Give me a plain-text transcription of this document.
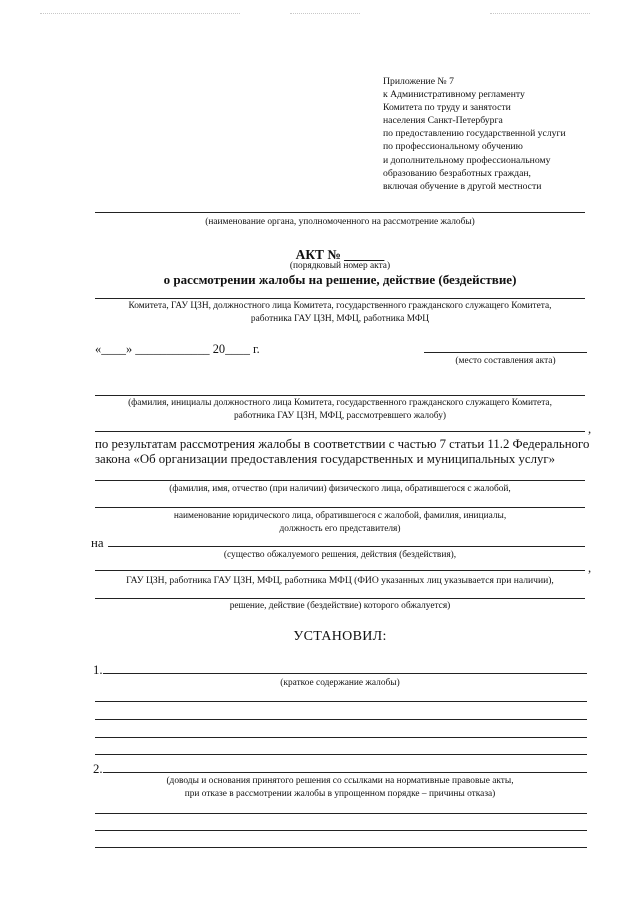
Приложение № 7
к Административному регламенту
Комитета по труду и занятости
населения Санкт-Петербурга
по предоставлению государственной услуги
по профессиональному обучению
и дополнительному профессиональному
образованию безработных граждан,
включая обучение в другой местности
(наименование органа, уполномоченного на рассмотрение жалобы)
АКТ № ______
(порядковый номер акта)
о рассмотрении жалобы на решение, действие (бездействие)
Комитета, ГАУ ЦЗН, должностного лица Комитета, государственного гражданского служащего Комитета,
работника ГАУ ЦЗН, МФЦ, работника МФЦ
«____» ____________ 20____ г.
(место составления акта)
(фамилия, инициалы должностного лица Комитета, государственного гражданского служащего Комитета,
работника ГАУ ЦЗН, МФЦ, рассмотревшего жалобу)
,
по результатам рассмотрения жалобы в соответствии с частью 7 статьи 11.2 Федерального
закона «Об организации предоставления государственных и муниципальных услуг»
(фамилия, имя, отчество (при наличии) физического лица, обратившегося с жалобой,
наименование юридического лица, обратившегося с жалобой, фамилия, инициалы,
должность его представителя)
на
(существо обжалуемого решения, действия (бездействия),
,
ГАУ ЦЗН, работника ГАУ ЦЗН, МФЦ, работника МФЦ (ФИО указанных лиц указывается при наличии),
решение, действие (бездействие) которого обжалуется)
УСТАНОВИЛ:
1.
(краткое содержание жалобы)
2.
(доводы и основания принятого решения со ссылками на нормативные правовые акты,
при отказе в рассмотрении жалобы в упрощенном порядке – причины отказа)
